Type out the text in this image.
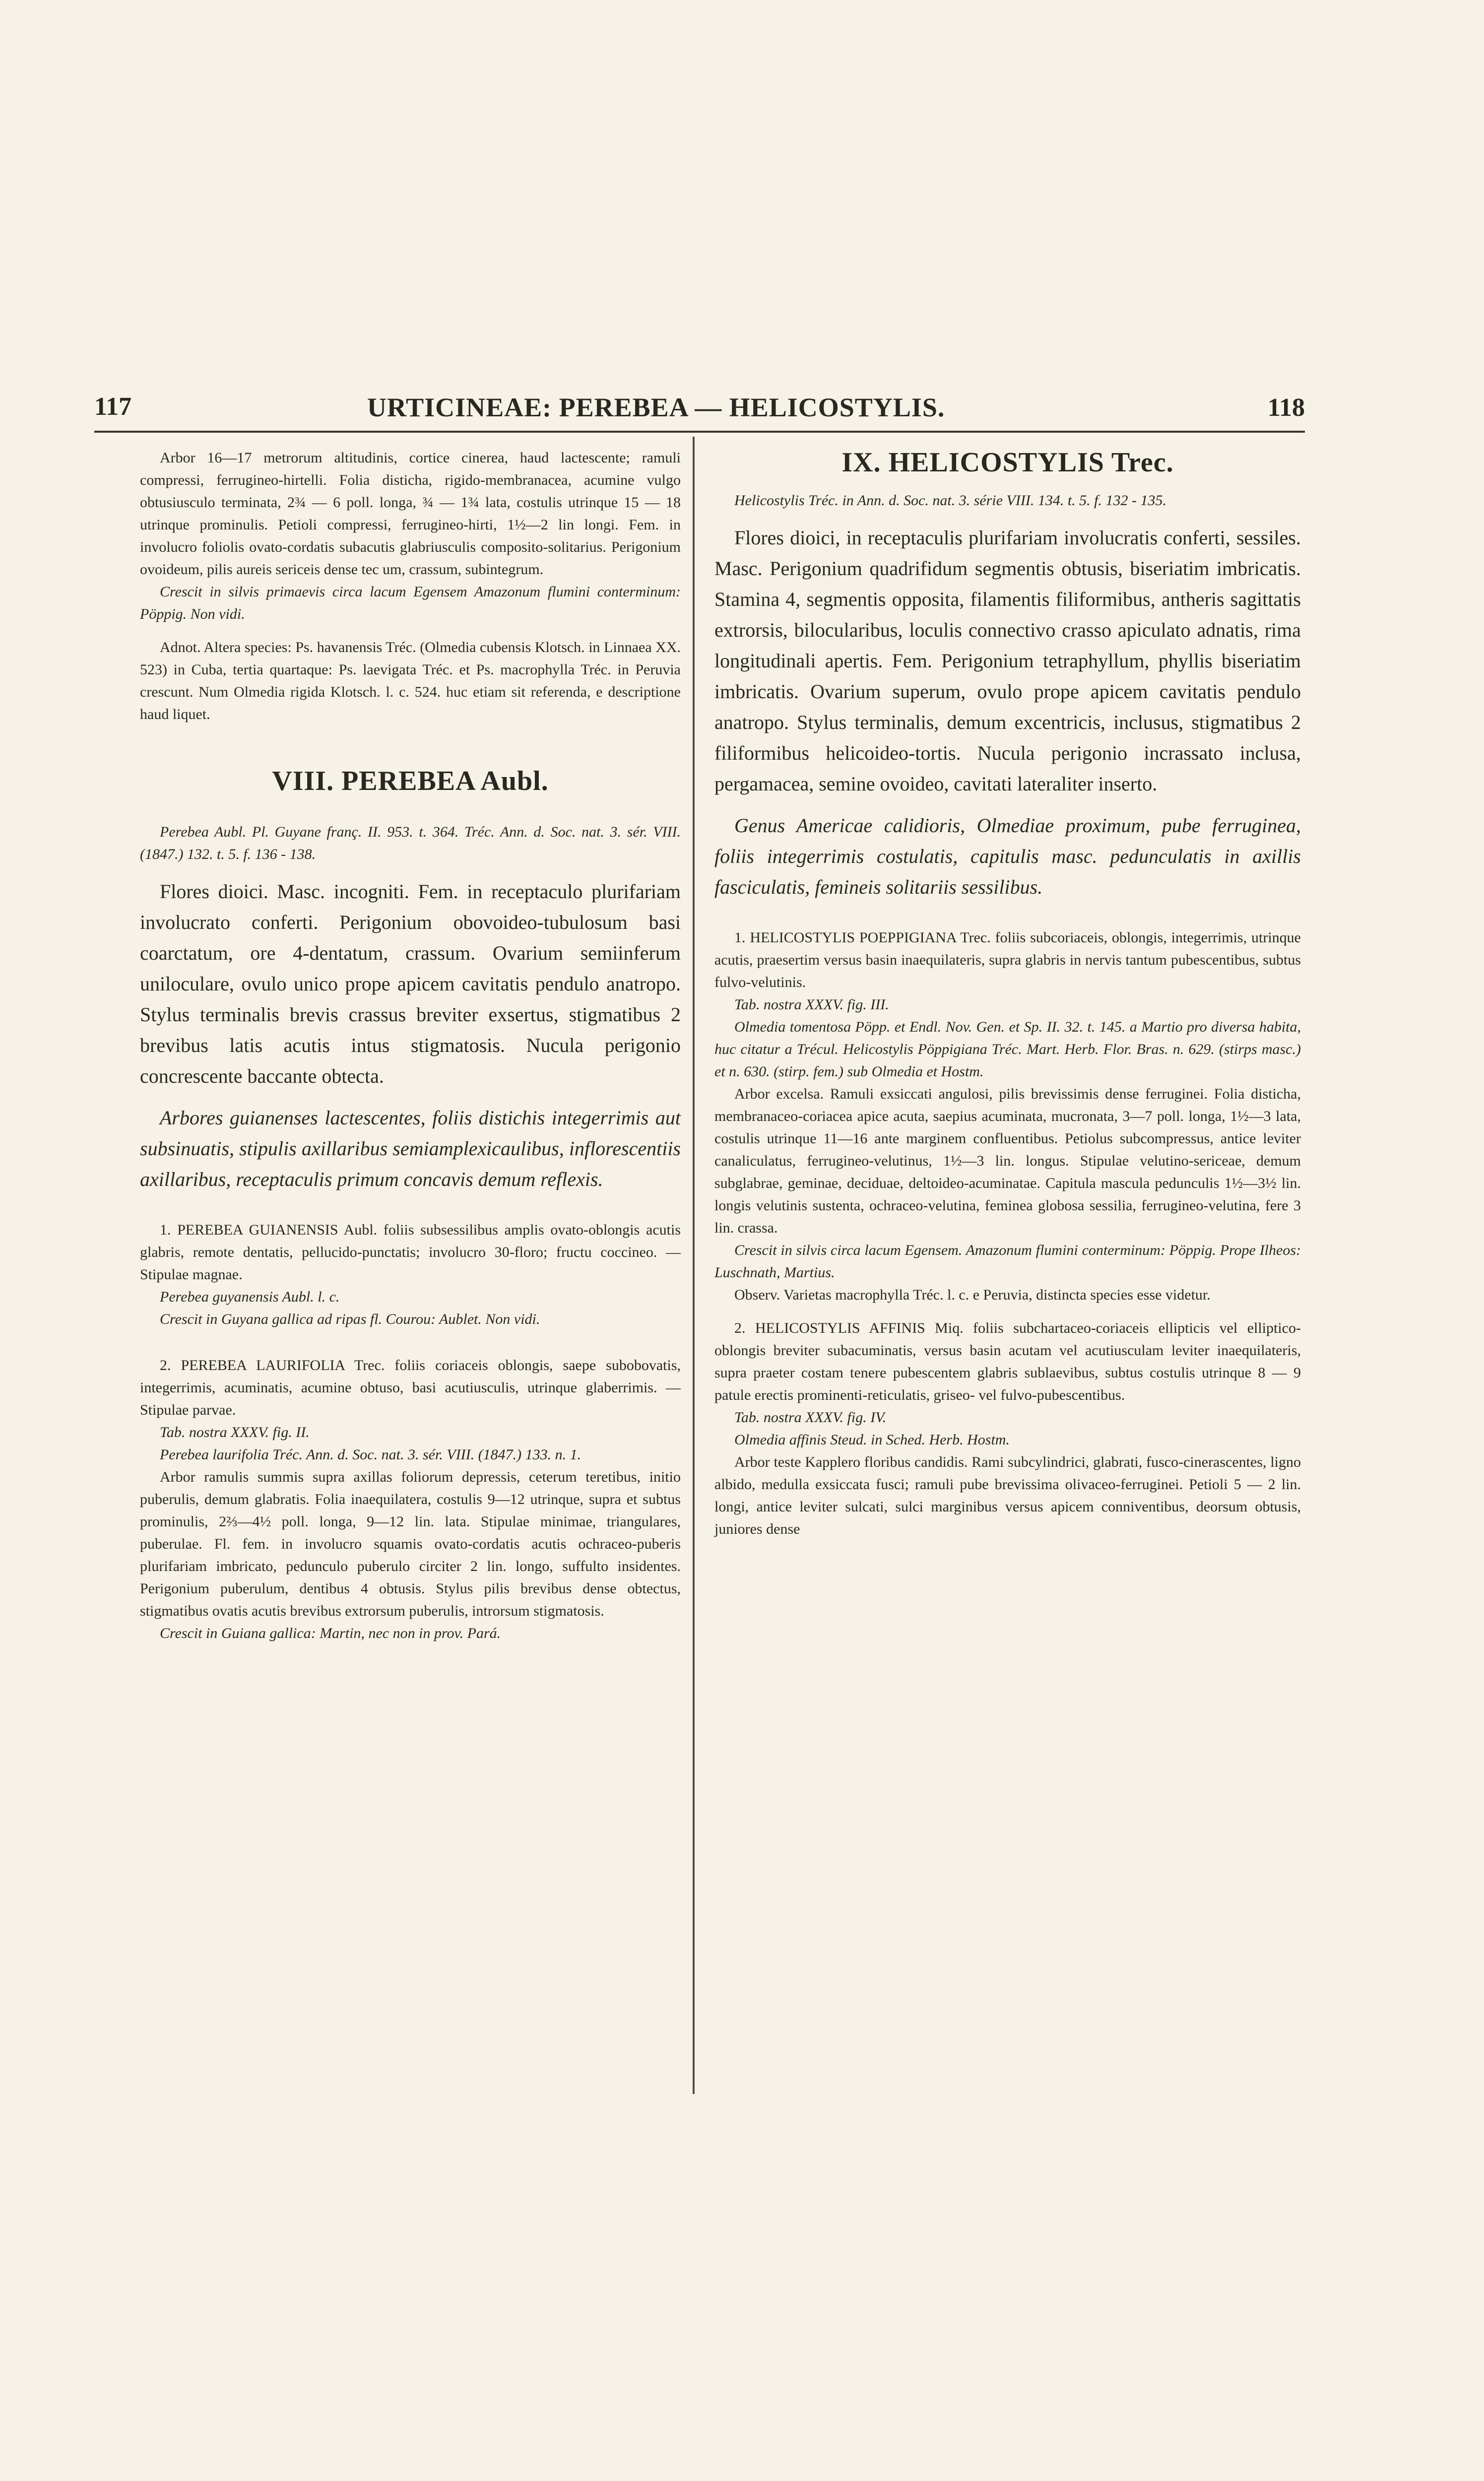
117	URTICINEAE: PEREBEA — HELICOSTYLIS.	118

Arbor 16—17 metrorum altitudinis, cortice cinerea, haud lactescente; ramuli compressi, ferrugineo-hirtelli. Folia disticha, rigido-membranacea, acumine vulgo obtusiusculo terminata, 2¾ — 6 poll. longa, ¾ — 1¾ lata, costulis utrinque 15 — 18 utrinque prominulis. Petioli compressi, ferrugineo-hirti, 1½—2 lin longi. Fem. in involucro foliolis ovato-cordatis subacutis glabriusculis composito-solitarius. Perigonium ovoideum, pilis aureis sericeis dense tec um, crassum, subintegrum.

Crescit in silvis primaevis circa lacum Egensem Amazonum flumini conterminum: Pöppig. Non vidi.

Adnot. Altera species: Ps. havanensis Tréc. (Olmedia cubensis Klotsch. in Linnaea XX. 523) in Cuba, tertia quartaque: Ps. laevigata Tréc. et Ps. macrophylla Tréc. in Peruvia crescunt. Num Olmedia rigida Klotsch. l. c. 524. huc etiam sit referenda, e descriptione haud liquet.

VIII. PEREBEA Aubl.

Perebea Aubl. Pl. Guyane franç. II. 953. t. 364. Tréc. Ann. d. Soc. nat. 3. sér. VIII. (1847.) 132. t. 5. f. 136 - 138.

Flores dioici. Masc. incogniti. Fem. in receptaculo plurifariam involucrato conferti. Perigonium obovoideo-tubulosum basi coarctatum, ore 4-dentatum, crassum. Ovarium semiinferum uniloculare, ovulo unico prope apicem cavitatis pendulo anatropo. Stylus terminalis brevis crassus breviter exsertus, stigmatibus 2 brevibus latis acutis intus stigmatosis. Nucula perigonio concrescente baccante obtecta.

Arbores guianenses lactescentes, foliis distichis integerrimis aut subsinuatis, stipulis axillaribus semiamplexicaulibus, inflorescentiis axillaribus, receptaculis primum concavis demum reflexis.

1. PEREBEA GUIANENSIS Aubl. foliis subsessilibus amplis ovato-oblongis acutis glabris, remote dentatis, pellucido-punctatis; involucro 30-floro; fructu coccineo. — Stipulae magnae.

Perebea guyanensis Aubl. l. c.

Crescit in Guyana gallica ad ripas fl. Courou: Aublet. Non vidi.

2. PEREBEA LAURIFOLIA Trec. foliis coriaceis oblongis, saepe subobovatis, integerrimis, acuminatis, acumine obtuso, basi acutiusculis, utrinque glaberrimis. — Stipulae parvae.

Tab. nostra XXXV. fig. II.

Perebea laurifolia Tréc. Ann. d. Soc. nat. 3. sér. VIII. (1847.) 133. n. 1.

Arbor ramulis summis supra axillas foliorum depressis, ceterum teretibus, initio puberulis, demum glabratis. Folia inaequilatera, costulis 9—12 utrinque, supra et subtus prominulis, 2⅔—4½ poll. longa, 9—12 lin. lata. Stipulae minimae, triangulares, puberulae. Fl. fem. in involucro squamis ovato-cordatis acutis ochraceo-puberis plurifariam imbricato, pedunculo puberulo circiter 2 lin. longo, suffulto insidentes. Perigonium puberulum, dentibus 4 obtusis. Stylus pilis brevibus dense obtectus, stigmatibus ovatis acutis brevibus extrorsum puberulis, introrsum stigmatosis.

Crescit in Guiana gallica: Martin, nec non in prov. Pará.

IX. HELICOSTYLIS Trec.

Helicostylis Tréc. in Ann. d. Soc. nat. 3. série VIII. 134. t. 5. f. 132 - 135.

Flores dioici, in receptaculis plurifariam involucratis conferti, sessiles. Masc. Perigonium quadrifidum segmentis obtusis, biseriatim imbricatis. Stamina 4, segmentis opposita, filamentis filiformibus, antheris sagittatis extrorsis, bilocularibus, loculis connectivo crasso apiculato adnatis, rima longitudinali apertis. Fem. Perigonium tetraphyllum, phyllis biseriatim imbricatis. Ovarium superum, ovulo prope apicem cavitatis pendulo anatropo. Stylus terminalis, demum excentricis, inclusus, stigmatibus 2 filiformibus helicoideo-tortis. Nucula perigonio incrassato inclusa, pergamacea, semine ovoideo, cavitati lateraliter inserto.

Genus Americae calidioris, Olmediae proximum, pube ferruginea, foliis integerrimis costulatis, capitulis masc. pedunculatis in axillis fasciculatis, femineis solitariis sessilibus.

1. HELICOSTYLIS POEPPIGIANA Trec. foliis subcoriaceis, oblongis, integerrimis, utrinque acutis, praesertim versus basin inaequilateris, supra glabris in nervis tantum pubescentibus, subtus fulvo-velutinis.

Tab. nostra XXXV. fig. III.

Olmedia tomentosa Pöpp. et Endl. Nov. Gen. et Sp. II. 32. t. 145. a Martio pro diversa habita, huc citatur a Trécul. Helicostylis Pöppigiana Tréc. Mart. Herb. Flor. Bras. n. 629. (stirps masc.) et n. 630. (stirp. fem.) sub Olmedia et Hostm.

Arbor excelsa. Ramuli exsiccati angulosi, pilis brevissimis dense ferruginei. Folia disticha, membranaceo-coriacea apice acuta, saepius acuminata, mucronata, 3—7 poll. longa, 1½—3 lata, costulis utrinque 11—16 ante marginem confluentibus. Petiolus subcompressus, antice leviter canaliculatus, ferrugineo-velutinus, 1½—3 lin. longus. Stipulae velutino-sericeae, demum subglabrae, geminae, deciduae, deltoideo-acuminatae. Capitula mascula pedunculis 1½—3½ lin. longis velutinis sustenta, ochraceo-velutina, feminea globosa sessilia, ferrugineo-velutina, fere 3 lin. crassa.

Crescit in silvis circa lacum Egensem. Amazonum flumini conterminum: Pöppig. Prope Ilheos: Luschnath, Martius.

Observ. Varietas macrophylla Tréc. l. c. e Peruvia, distincta species esse videtur.

2. HELICOSTYLIS AFFINIS Miq. foliis subchartaceo-coriaceis ellipticis vel elliptico-oblongis breviter subacuminatis, versus basin acutam vel acutiusculam leviter inaequilateris, supra praeter costam tenere pubescentem glabris sublaevibus, subtus costulis utrinque 8 — 9 patule erectis prominenti-reticulatis, griseo- vel fulvo-pubescentibus.

Tab. nostra XXXV. fig. IV.

Olmedia affinis Steud. in Sched. Herb. Hostm.

Arbor teste Kapplero floribus candidis. Rami subcylindrici, glabrati, fusco-cinerascentes, ligno albido, medulla exsiccata fusci; ramuli pube brevissima olivaceo-ferruginei. Petioli 5 — 2 lin. longi, antice leviter sulcati, sulci marginibus versus apicem conniventibus, deorsum obtusis, juniores dense
